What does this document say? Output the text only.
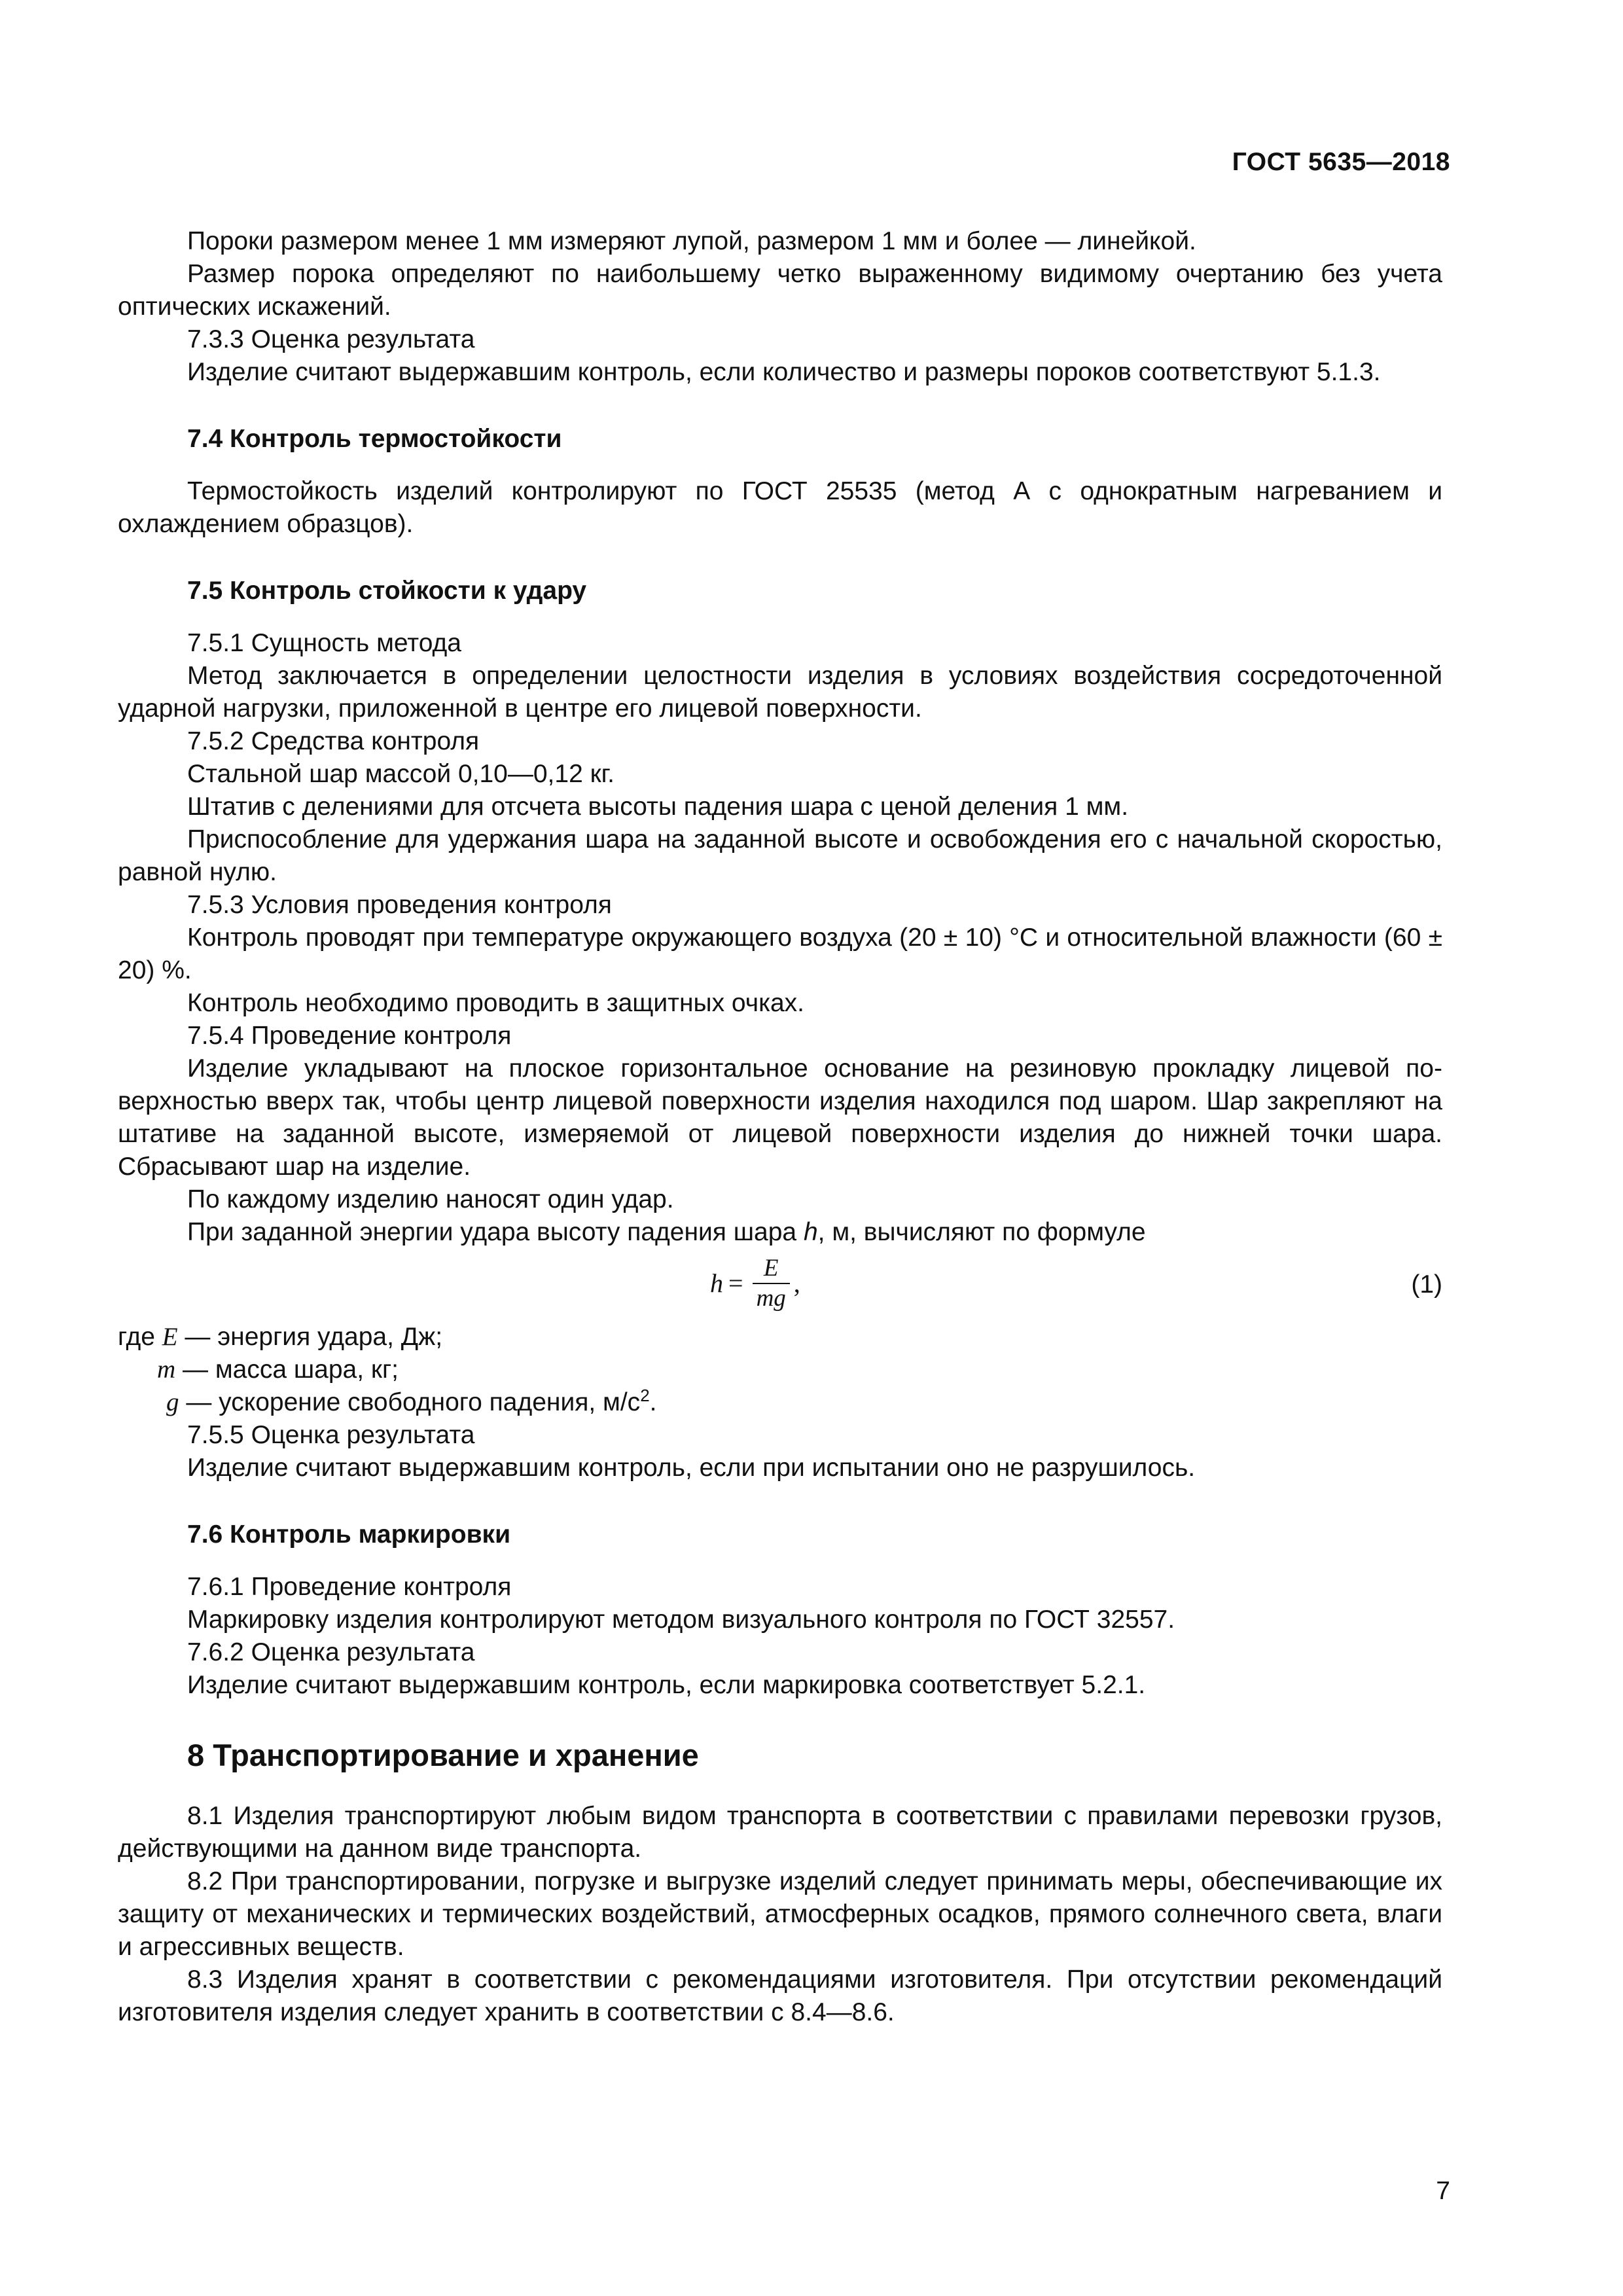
ГОСТ 5635—2018

Пороки размером менее 1 мм измеряют лупой, размером 1 мм и более — линейкой.

Размер порока определяют по наибольшему четко выраженному видимому очертанию без учета оптических искажений.

7.3.3 Оценка результата

Изделие считают выдержавшим контроль, если количество и размеры пороков соответствуют 5.1.3.

7.4 Контроль термостойкости

Термостойкость изделий контролируют по ГОСТ 25535 (метод А с однократным нагреванием и охлаждением образцов).

7.5 Контроль стойкости к удару

7.5.1 Сущность метода

Метод заключается в определении целостности изделия в условиях воздействия сосредоточенной ударной нагрузки, приложенной в центре его лицевой поверхности.

7.5.2 Средства контроля

Стальной шар массой 0,10—0,12 кг.

Штатив с делениями для отсчета высоты падения шара с ценой деления 1 мм.

Приспособление для удержания шара на заданной высоте и освобождения его с начальной скоростью, равной нулю.

7.5.3 Условия проведения контроля

Контроль проводят при температуре окружающего воздуха (20 ± 10) °С и относительной влажности (60 ± 20) %.

Контроль необходимо проводить в защитных очках.

7.5.4 Проведение контроля

Изделие укладывают на плоское горизонтальное основание на резиновую прокладку лицевой поверхностью вверх так, чтобы центр лицевой поверхности изделия находился под шаром. Шар закрепляют на штативе на заданной высоте, измеряемой от лицевой поверхности изделия до нижней точки шара. Сбрасывают шар на изделие.

По каждому изделию наносят один удар.

При заданной энергии удара высоту падения шара h, м, вычисляют по формуле

$h = \frac{E}{mg}$ ,	(1)

где E — энергия удара, Дж;

m — масса шара, кг;

g — ускорение свободного падения, $м/с^2$.

7.5.5 Оценка результата

Изделие считают выдержавшим контроль, если при испытании оно не разрушилось.

7.6 Контроль маркировки

7.6.1 Проведение контроля

Маркировку изделия контролируют методом визуального контроля по ГОСТ 32557.

7.6.2 Оценка результата

Изделие считают выдержавшим контроль, если маркировка соответствует 5.2.1.

8 Транспортирование и хранение

8.1 Изделия транспортируют любым видом транспорта в соответствии с правилами перевозки грузов, действующими на данном виде транспорта.

8.2 При транспортировании, погрузке и выгрузке изделий следует принимать меры, обеспечивающие их защиту от механических и термических воздействий, атмосферных осадков, прямого солнечного света, влаги и агрессивных веществ.

8.3 Изделия хранят в соответствии с рекомендациями изготовителя. При отсутствии рекомендаций изготовителя изделия следует хранить в соответствии с 8.4—8.6.

7
